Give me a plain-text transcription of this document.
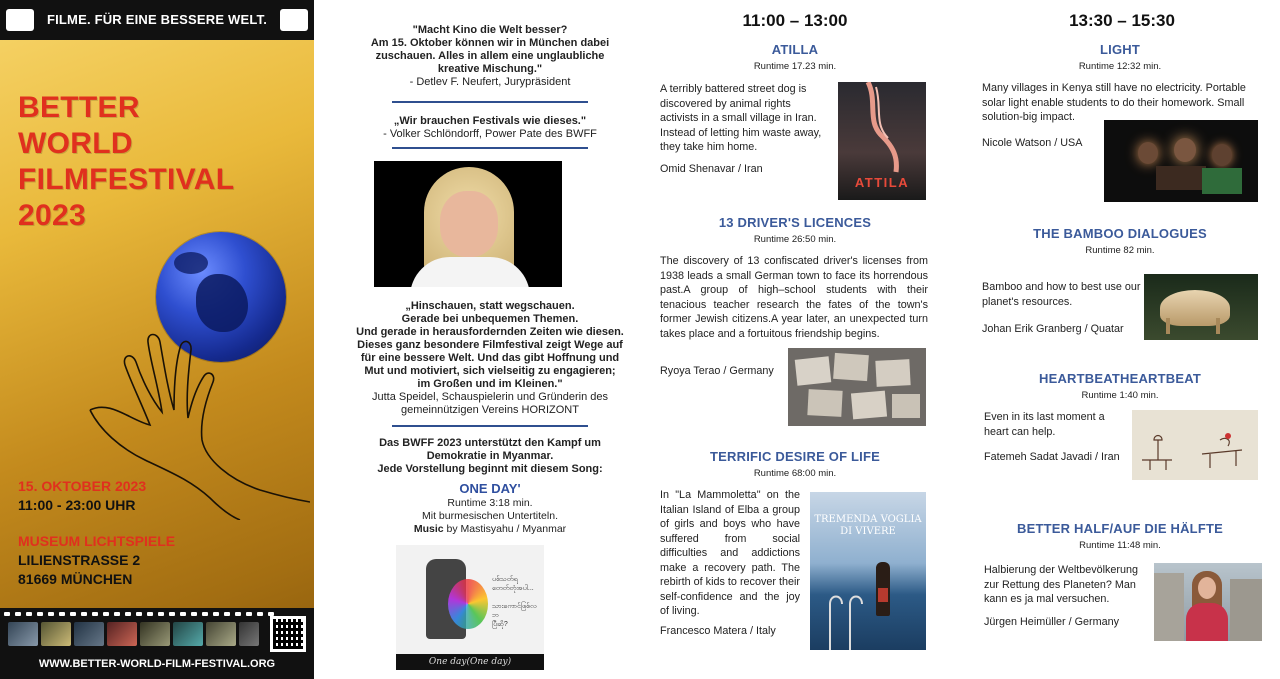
FILME. FÜR EINE BESSERE WELT.
BETTER
WORLD
FILMFESTIVAL
2023
15. OKTOBER 2023
11:00 - 23:00 UHR
MUSEUM LICHTSPIELE
LILIENSTRASSE 2
81669 MÜNCHEN
WWW.BETTER-WORLD-FILM-FESTIVAL.ORG
"Macht Kino die Welt besser?
Am 15. Oktober können wir in München dabei
zuschauen. Alles in allem eine unglaubliche
kreative Mischung."
- Detlev F. Neufert, Jurypräsident
„Wir brauchen Festivals wie dieses."
- Volker Schlöndorff, Power Pate des BWFF
„Hinschauen, statt wegschauen.
Gerade bei unbequemen Themen.
Und gerade in herausfordernden Zeiten wie diesen.
Dieses ganz besondere Filmfestival zeigt Wege auf
für eine bessere Welt. Und das gibt Hoffnung und
Mut und motiviert, sich vielseitig zu engagieren;
im Großen und im Kleinen."
Jutta Speidel, Schauspielerin und Gründerin des
gemeinnützigen Vereins HORIZONT
Das BWFF 2023 unterstützt den Kampf um
Demokratie in Myanmar.
Jede Vorstellung beginnt mit diesem Song:
ONE DAY'
Runtime 3:18 min.
Mit burmesischen Untertiteln.
Music by Mastisyahu / Myanmar
ပစ်သတ်ရ
တေတ်တုံအပါ...

သားကောင်ဖြစ်လဘ
ပြီဆို?
One day(One day)
11:00 – 13:00
ATILLA
Runtime 17.23 min.
A terribly battered street dog is discovered by animal rights activists in a small village in Iran. Instead of letting him waste away, they take him home.
Omid Shenavar / Iran
ATTILA
13 DRIVER'S LICENCES
Runtime 26:50 min.
The discovery of 13 confiscated driver's licenses from 1938 leads a small German town to face its horrendous past.A group of high–school students with their tenacious teacher research the fates of the town's former Jewish citizens.A year later, an unexpected turn takes place and a fortuitous friendship begins.
Ryoya Terao / Germany
TERRIFIC DESIRE OF LIFE
Runtime 68:00 min.
In "La Mammoletta" on the Italian Island of Elba a group of girls and boys who have suffered from social difficulties and addictions make a recovery path. The rebirth of kids to recover their self-confidence and the joy of living.
Francesco Matera / Italy
TREMENDA VOGLIA DI VIVERE
13:30 – 15:30
LIGHT
Runtime 12:32 min.
Many villages in Kenya still have no electricity. Portable solar light enable students to do their homework. Small solution-big impact.
Nicole Watson / USA
THE BAMBOO DIALOGUES
Runtime 82 min.
Bamboo and how to best use our planet's resources.
Johan Erik Granberg / Quatar
HEARTBEATHEARTBEAT
Runtime 1:40 min.
Even in its last moment a heart can help.
Fatemeh Sadat Javadi / Iran
BETTER HALF/AUF DIE HÄLFTE
Runtime 11:48 min.
Halbierung der Weltbevölkerung zur Rettung des Planeten? Man kann es ja mal versuchen.
Jürgen Heimüller / Germany
